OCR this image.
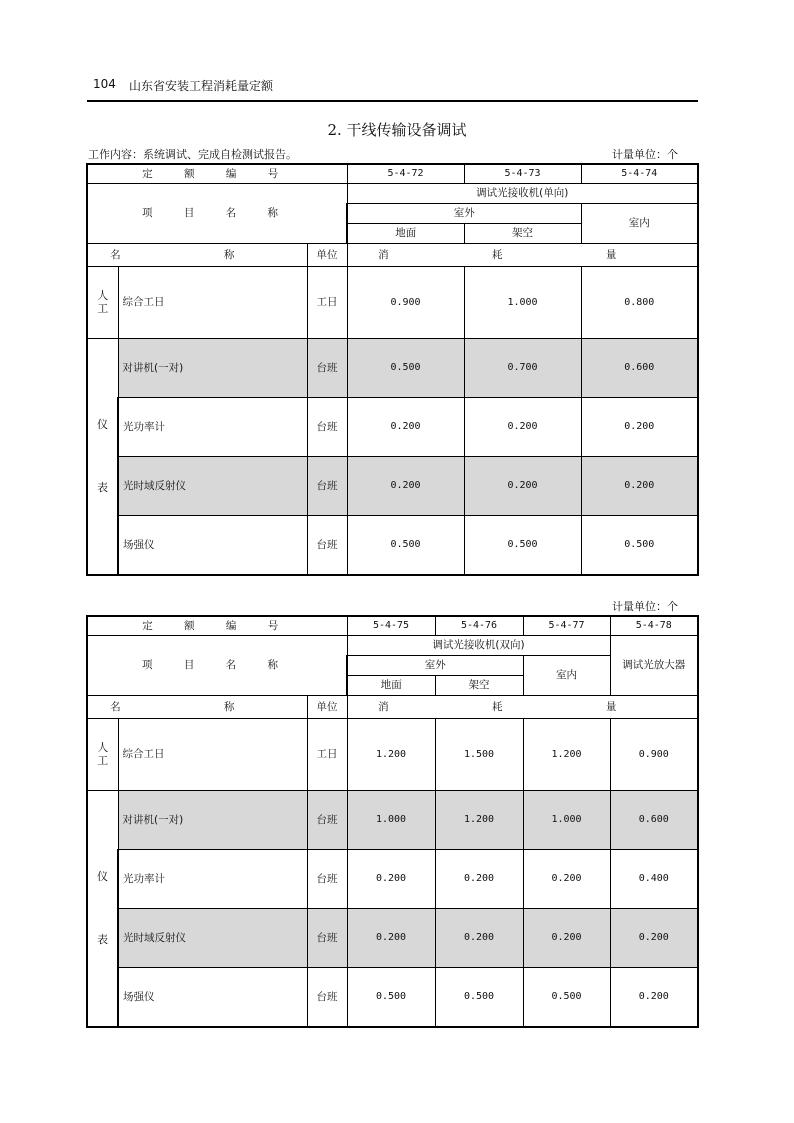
104 山东省安装工程消耗量定额
2. 干线传输设备调试
工作内容：系统调试、完成自检测试报告。	计量单位：个
定 额 编 号			5-4-72	5-4-73	5-4-74
项 目 名 称			调试光接收机(单向)		
			室外		室内
			地面	架空	
名 称		单位	消 耗 量		

人
工	综合工日	工日	0.900	1.000	0.800

仪

表	对讲机(一对)	台班	0.500	0.700	0.600
	光功率计	台班	0.200	0.200	0.200
	光时域反射仪	台班	0.200	0.200	0.200
	场强仪	台班	0.500	0.500	0.500
计量单位：个
定 额 编 号			5-4-75	5-4-76	5-4-77	5-4-78
项 目 名 称			调试光接收机(双向)			调试光放大器
			室外		室内	
			地面	架空		
名 称		单位	消 耗 量			

人
工	综合工日	工日	1.200	1.500	1.200	0.900

仪

表	对讲机(一对)	台班	1.000	1.200	1.000	0.600
	光功率计	台班	0.200	0.200	0.200	0.400
	光时域反射仪	台班	0.200	0.200	0.200	0.200
	场强仪	台班	0.500	0.500	0.500	0.200
